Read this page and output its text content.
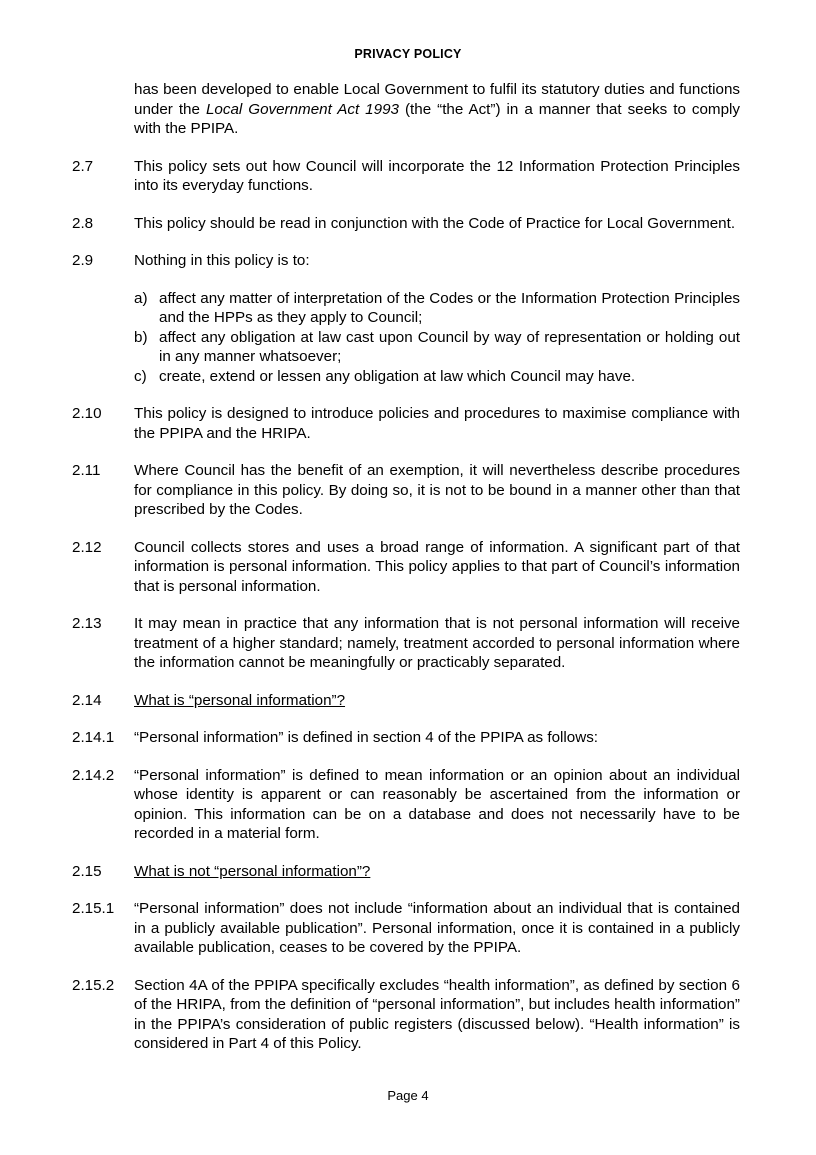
PRIVACY POLICY
has been developed to enable Local Government to fulfil its statutory duties and functions under the Local Government Act 1993 (the “the Act”) in a manner that seeks to comply with the PPIPA.
2.7	This policy sets out how Council will incorporate the 12 Information Protection Principles into its everyday functions.
2.8	This policy should be read in conjunction with the Code of Practice for Local Government.
2.9	Nothing in this policy is to:
a) affect any matter of interpretation of the Codes or the Information Protection Principles and the HPPs as they apply to Council;
b) affect any obligation at law cast upon Council by way of representation or holding out in any manner whatsoever;
c) create, extend or lessen any obligation at law which Council may have.
2.10	This policy is designed to introduce policies and procedures to maximise compliance with the PPIPA and the HRIPA.
2.11	Where Council has the benefit of an exemption, it will nevertheless describe procedures for compliance in this policy. By doing so, it is not to be bound in a manner other than that prescribed by the Codes.
2.12	Council collects stores and uses a broad range of information. A significant part of that information is personal information. This policy applies to that part of Council’s information that is personal information.
2.13	It may mean in practice that any information that is not personal information will receive treatment of a higher standard; namely, treatment accorded to personal information where the information cannot be meaningfully or practicably separated.
2.14	What is “personal information”?
2.14.1	“Personal information” is defined in section 4 of the PPIPA as follows:
2.14.2	“Personal information” is defined to mean information or an opinion about an individual whose identity is apparent or can reasonably be ascertained from the information or opinion. This information can be on a database and does not necessarily have to be recorded in a material form.
2.15	What is not “personal information”?
2.15.1	“Personal information” does not include “information about an individual that is contained in a publicly available publication”. Personal information, once it is contained in a publicly available publication, ceases to be covered by the PPIPA.
2.15.2	Section 4A of the PPIPA specifically excludes “health information”, as defined by section 6 of the HRIPA, from the definition of “personal information”, but includes health information” in the PPIPA’s consideration of public registers (discussed below). “Health information” is considered in Part 4 of this Policy.
Page 4
